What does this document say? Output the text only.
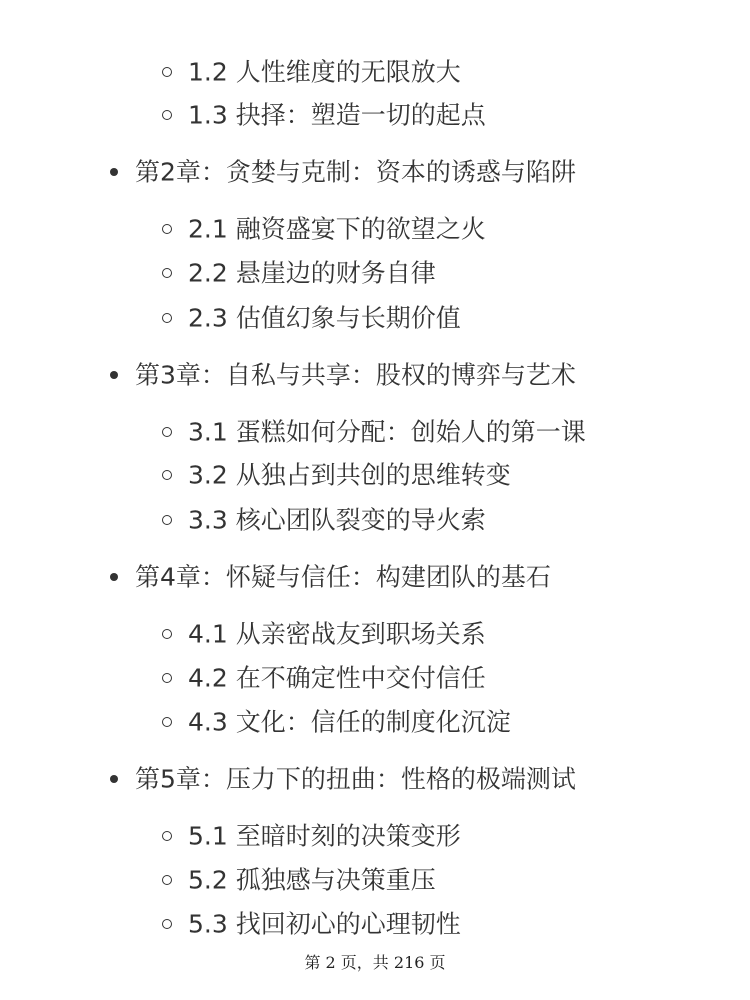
1.2 人性维度的无限放大
1.3 抉择：塑造一切的起点
第2章：贪婪与克制：资本的诱惑与陷阱
2.1 融资盛宴下的欲望之火
2.2 悬崖边的财务自律
2.3 估值幻象与长期价值
第3章：自私与共享：股权的博弈与艺术
3.1 蛋糕如何分配：创始人的第一课
3.2 从独占到共创的思维转变
3.3 核心团队裂变的导火索
第4章：怀疑与信任：构建团队的基石
4.1 从亲密战友到职场关系
4.2 在不确定性中交付信任
4.3 文化：信任的制度化沉淀
第5章：压力下的扭曲：性格的极端测试
5.1 至暗时刻的决策变形
5.2 孤独感与决策重压
5.3 找回初心的心理韧性
第 2 页，共 216 页
